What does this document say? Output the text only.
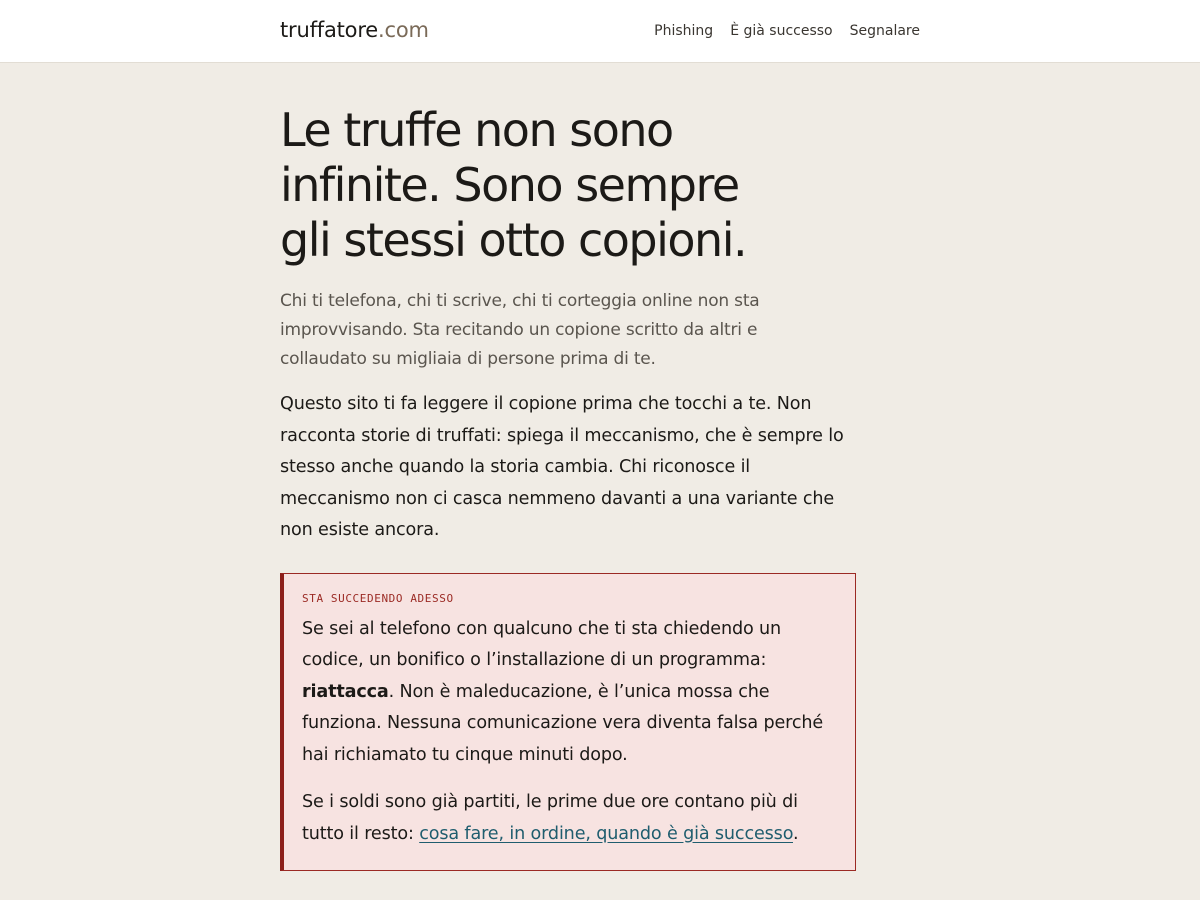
truffatore.com	Phishing È già successo Segnalare
Le truffe non sono infinite. Sono sempre gli stessi otto copioni.

Chi ti telefona, chi ti scrive, chi ti corteggia online non sta improvvisando. Sta recitando un copione scritto da altri e collaudato su migliaia di persone prima di te.

Questo sito ti fa leggere il copione prima che tocchi a te. Non racconta storie di truffati: spiega il meccanismo, che è sempre lo stesso anche quando la storia cambia. Chi riconosce il meccanismo non ci casca nemmeno davanti a una variante che non esiste ancora.

STA SUCCEDENDO ADESSO

Se sei al telefono con qualcuno che ti sta chiedendo un codice, un bonifico o l’installazione di un programma: riattacca. Non è maleducazione, è l’unica mossa che funziona. Nessuna comunicazione vera diventa falsa perché hai richiamato tu cinque minuti dopo.

Se i soldi sono già partiti, le prime due ore contano più di tutto il resto: cosa fare, in ordine, quando è già successo.
